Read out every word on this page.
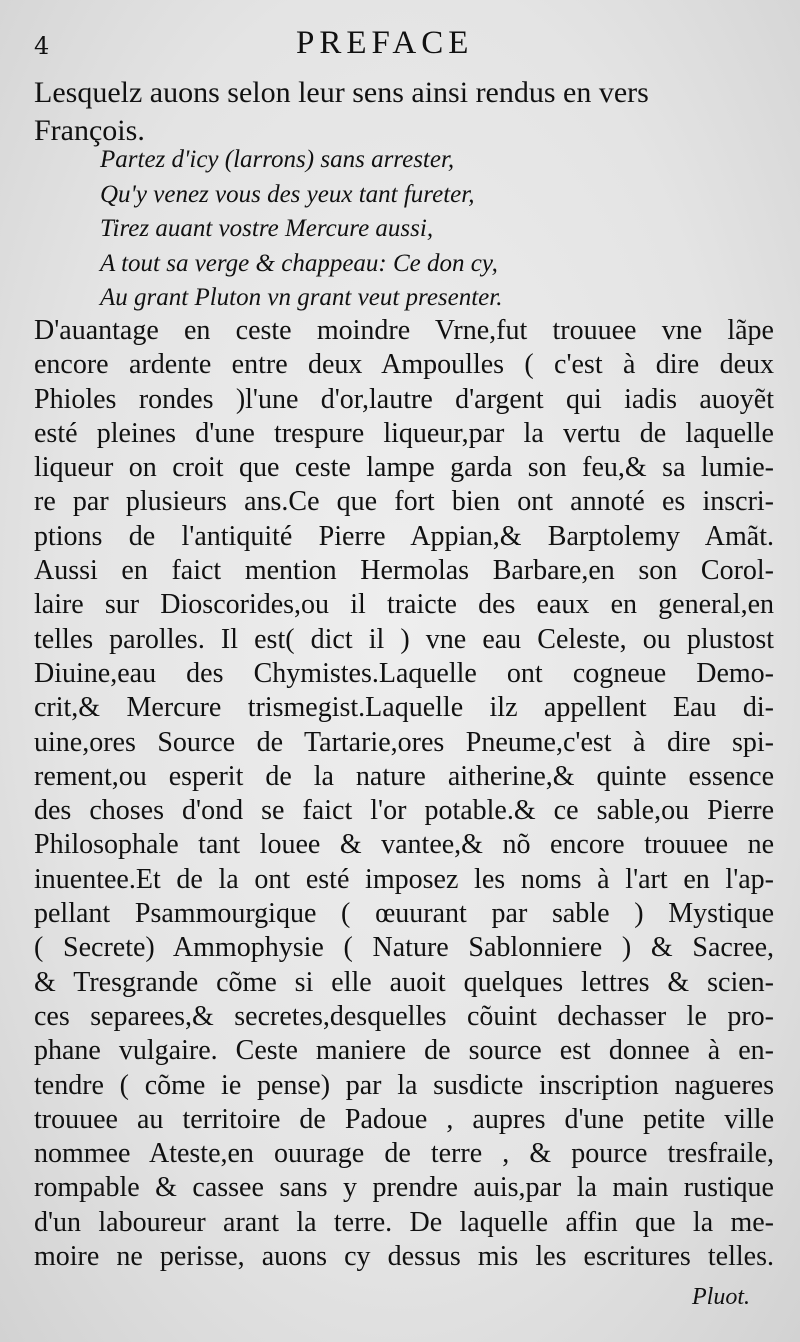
4	PREFACE

Lesquelz auons selon leur sens ainsi rendus en vers François.

Partez d'icy (larrons) sans arrester,
Qu'y venez vous des yeux tant fureter,
Tirez auant vostre Mercure aussi,
A tout sa verge & chappeau: Ce don cy,
Au grant Pluton vn grant veut presenter.
D'auantage en ceste moindre Vrne,fut trouuee vne lãpe
encore ardente entre deux Ampoulles ( c'est à dire deux
Phioles rondes )l'une d'or,lautre d'argent qui iadis auoyẽt
esté pleines d'une trespure liqueur,par la vertu de laquelle
liqueur on croit que ceste lampe garda son feu,& sa lumie-
re par plusieurs ans.Ce que fort bien ont annoté es inscri-
ptions de l'antiquité Pierre Appian,& Barptolemy Amãt.
Aussi en faict mention Hermolas Barbare,en son Corol-
laire sur Dioscorides,ou il traicte des eaux en general,en
telles parolles. Il est( dict il ) vne eau Celeste, ou plustost
Diuine,eau des Chymistes.Laquelle ont cogneue Demo-
crit,& Mercure trismegist.Laquelle ilz appellent Eau di-
uine,ores Source de Tartarie,ores Pneume,c'est à dire spi-
rement,ou esperit de la nature aitherine,& quinte essence
des choses d'ond se faict l'or potable.& ce sable,ou Pierre
Philosophale tant louee & vantee,& nõ encore trouuee ne
inuentee.Et de la ont esté imposez les noms à l'art en l'ap-
pellant Psammourgique ( œuurant par sable ) Mystique
( Secrete) Ammophysie ( Nature Sablonniere ) & Sacree,
& Tresgrande cõme si elle auoit quelques lettres & scien-
ces separees,& secretes,desquelles cõuint dechasser le pro-
phane vulgaire. Ceste maniere de source est donnee à en-
tendre ( cõme ie pense) par la susdicte inscription nagueres
trouuee au territoire de Padoue , aupres d'une petite ville
nommee Ateste,en ouurage de terre , & pource tresfraile,
rompable & cassee sans y prendre auis,par la main rustique
d'un laboureur arant la terre. De laquelle affin que la me-
moire ne perisse, auons cy dessus mis les escritures telles.
Pluot.
